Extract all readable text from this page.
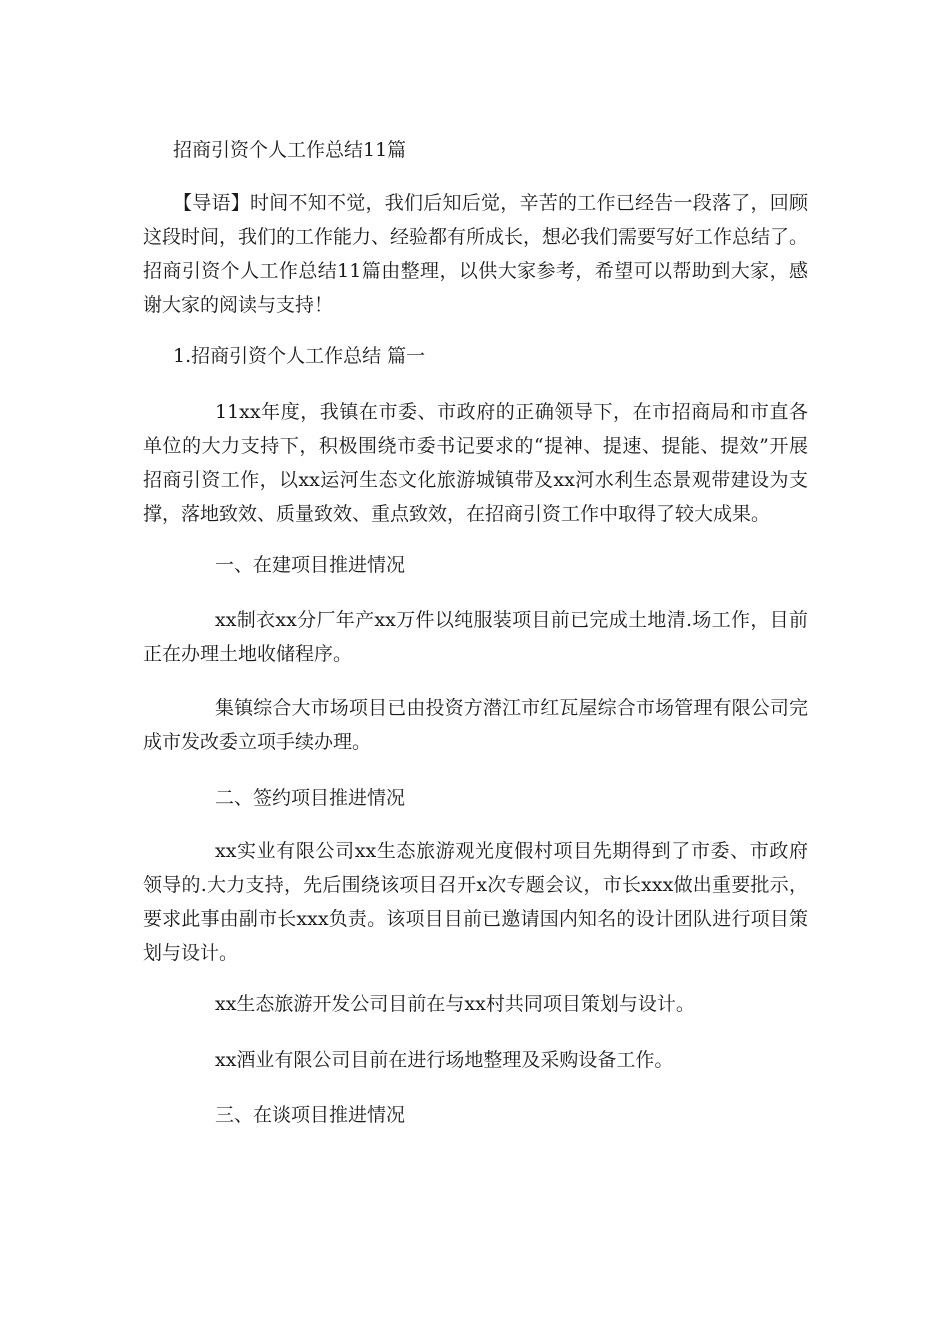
招商引资个人工作总结11篇
【导语】时间不知不觉，我们后知后觉，辛苦的工作已经告一段落了，回顾这段时间，我们的工作能力、经验都有所成长，想必我们需要写好工作总结了。招商引资个人工作总结11篇由整理，以供大家参考，希望可以帮助到大家，感谢大家的阅读与支持！
1.招商引资个人工作总结 篇一
11xx年度，我镇在市委、市政府的正确领导下，在市招商局和市直各单位的大力支持下，积极围绕市委书记要求的“提神、提速、提能、提效”开展招商引资工作，以xx运河生态文化旅游城镇带及xx河水利生态景观带建设为支撑，落地致效、质量致效、重点致效，在招商引资工作中取得了较大成果。
一、在建项目推进情况
xx制衣xx分厂年产xx万件以纯服装项目前已完成土地清.场工作，目前正在办理土地收储程序。
集镇综合大市场项目已由投资方潜江市红瓦屋综合市场管理有限公司完成市发改委立项手续办理。
二、签约项目推进情况
xx实业有限公司xx生态旅游观光度假村项目先期得到了市委、市政府领导的.大力支持，先后围绕该项目召开x次专题会议，市长xxx做出重要批示，要求此事由副市长xxx负责。该项目目前已邀请国内知名的设计团队进行项目策划与设计。
xx生态旅游开发公司目前在与xx村共同项目策划与设计。
xx酒业有限公司目前在进行场地整理及采购设备工作。
三、在谈项目推进情况
